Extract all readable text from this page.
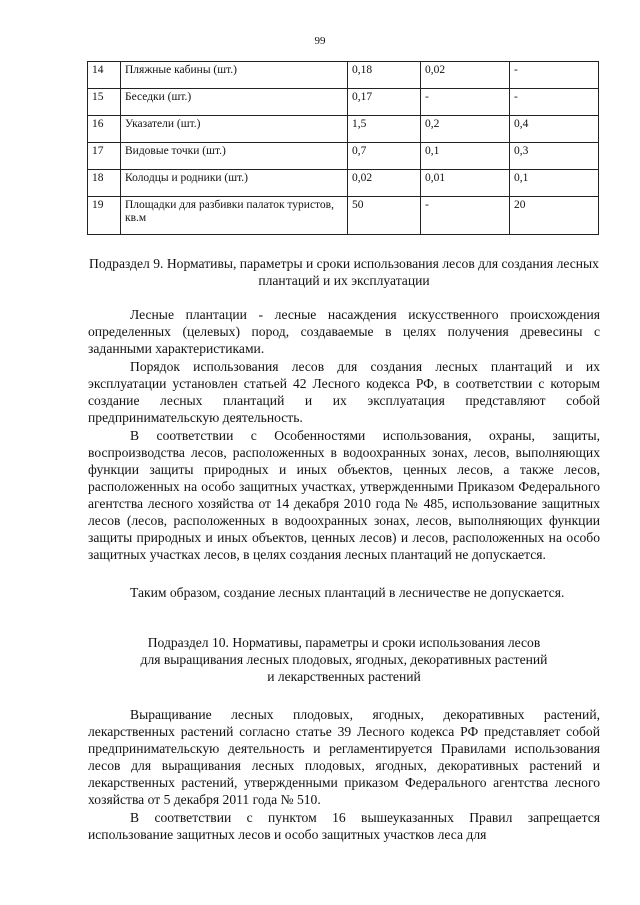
99
14	Пляжные кабины (шт.)	0,18	0,02	-
15	Беседки (шт.)	0,17	-	-
16	Указатели (шт.)	1,5	0,2	0,4
17	Видовые точки (шт.)	0,7	0,1	0,3
18	Колодцы и родники (шт.)	0,02	0,01	0,1
19	Площадки для разбивки палаток туристов, кв.м	50	-	20
Подраздел 9. Нормативы, параметры и сроки использования лесов для создания лесных плантаций и их эксплуатации

Лесные плантации - лесные насаждения искусственного происхождения определенных (целевых) пород, создаваемые в целях получения древесины с заданными характеристиками.

Порядок использования лесов для создания лесных плантаций и их эксплуатации установлен статьей 42 Лесного кодекса РФ, в соответствии с которым создание лесных плантаций и их эксплуатация представляют собой предпринимательскую деятельность.

В соответствии с Особенностями использования, охраны, защиты, воспроизводства лесов, расположенных в водоохранных зонах, лесов, выполняющих функции защиты природных и иных объектов, ценных лесов, а также лесов, расположенных на особо защитных участках, утвержденными Приказом Федерального агентства лесного хозяйства от 14 декабря 2010 года № 485, использование защитных лесов (лесов, расположенных в водоохранных зонах, лесов, выполняющих функции защиты природных и иных объектов, ценных лесов) и лесов, расположенных на особо защитных участках лесов, в целях создания лесных плантаций не допускается.

Таким образом, создание лесных плантаций в лесничестве не допускается.

Подраздел 10. Нормативы, параметры и сроки использования лесов
для выращивания лесных плодовых, ягодных, декоративных растений
и лекарственных растений

Выращивание лесных плодовых, ягодных, декоративных растений, лекарственных растений согласно статье 39 Лесного кодекса РФ представляет собой предпринимательскую деятельность и регламентируется Правилами использования лесов для выращивания лесных плодовых, ягодных, декоративных растений и лекарственных растений, утвержденными приказом Федерального агентства лесного хозяйства от 5 декабря 2011 года № 510.

В соответствии с пунктом 16 вышеуказанных Правил запрещается использование защитных лесов и особо защитных участков леса для
